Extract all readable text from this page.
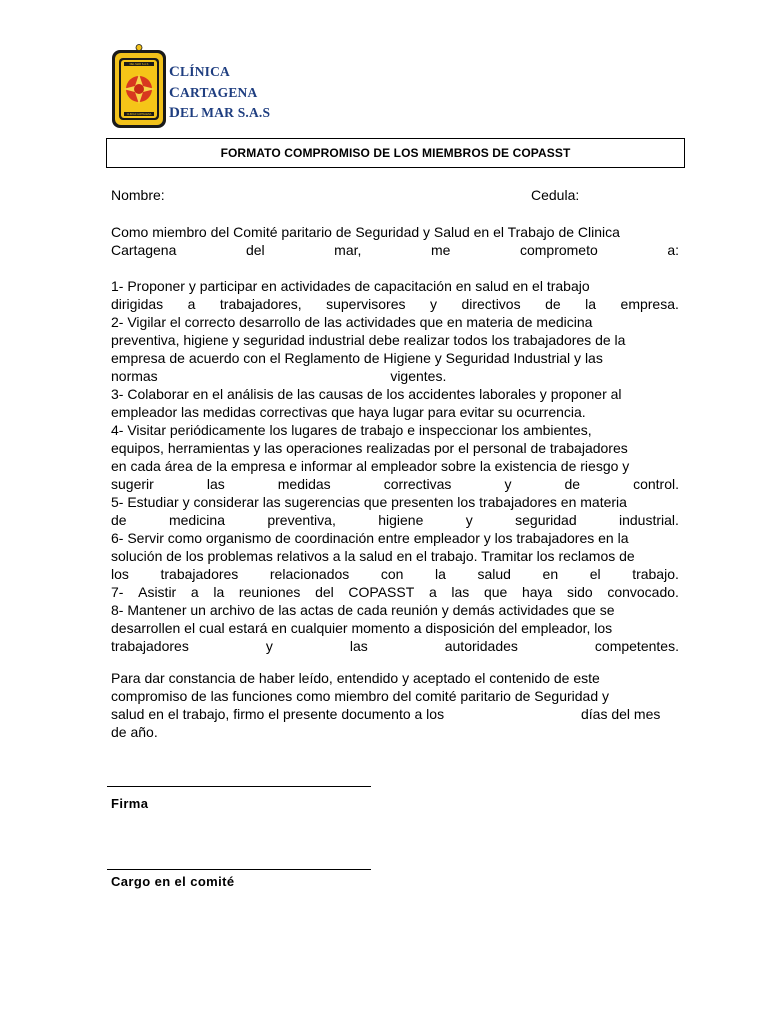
DEL MAR S.A.S
CLINICA CARTAGENA
CLÍNICA
CARTAGENA
DEL MAR S.A.S
FORMATO COMPROMISO DE LOS MIEMBROS DE COPASST
Nombre:	Cedula:
Como miembro del Comité paritario de Seguridad y Salud en el Trabajo de Clinica
Cartagena	del	mar,	me	comprometo	a:
1- Proponer y participar en actividades de capacitación en salud en el trabajo
dirigidas a trabajadores, supervisores y directivos de la empresa.
2- Vigilar el correcto desarrollo de las actividades que en materia de medicina
preventiva, higiene y seguridad industrial debe realizar todos los trabajadores de la
empresa de acuerdo con el Reglamento de Higiene y Seguridad Industrial y las
normas	vigentes.
3- Colaborar en el análisis de las causas de los accidentes laborales y proponer al
empleador las medidas correctivas que haya lugar para evitar su ocurrencia.
4- Visitar periódicamente los lugares de trabajo e inspeccionar los ambientes,
equipos, herramientas y las operaciones realizadas por el personal de trabajadores
en cada área de la empresa e informar al empleador sobre la existencia de riesgo y
sugerir	las	medidas	correctivas	y	de	control.
5- Estudiar y considerar las sugerencias que presenten los trabajadores en materia
de	medicina	preventiva,	higiene	y	seguridad	industrial.
6- Servir como organismo de coordinación entre empleador y los trabajadores en la
solución de los problemas relativos a la salud en el trabajo. Tramitar los reclamos de
los trabajadores relacionados con la salud en el trabajo.
7- Asistir a la reuniones del COPASST a las que haya sido convocado.
8- Mantener un archivo de las actas de cada reunión y demás actividades que se
desarrollen el cual estará en cualquier momento a disposición del empleador, los
trabajadores	y	las	autoridades	competentes.
Para dar constancia de haber leído, entendido y aceptado el contenido de este
compromiso de las funciones como miembro del comité paritario de Seguridad y
salud en el trabajo, firmo el presente documento a los	días del mes
de año.
Firma
Cargo en el comité
